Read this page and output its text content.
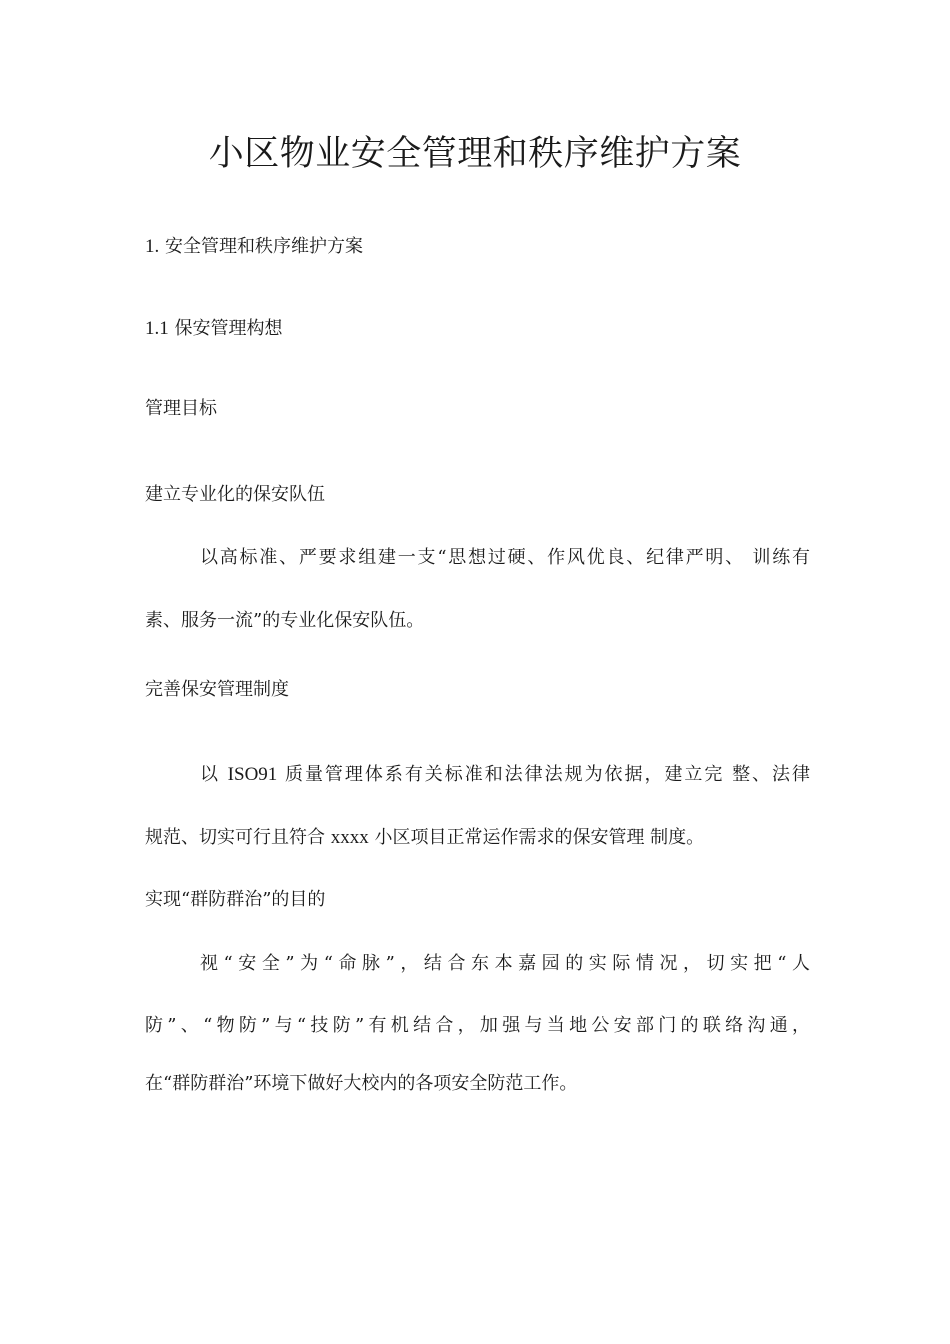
小区物业安全管理和秩序维护方案

1. 安全管理和秩序维护方案

1.1 保安管理构想

管理目标

建立专业化的保安队伍

以高标准、严要求组建一支“思想过硬、作风优良、纪律严明、 训练有
素、服务一流”的专业化保安队伍。

完善保安管理制度

以 ISO91 质量管理体系有关标准和法律法规为依据，建立完 整、法律
规范、切实可行且符合 xxxx 小区项目正常运作需求的保安管理 制度。

实现“群防群治”的目的

视“安全”为“命脉”，结合东本嘉园的实际情况，切实把“人
防”、“物防”与“技防”有机结合，加强与当地公安部门的联络沟通，
在“群防群治”环境下做好大校内的各项安全防范工作。
